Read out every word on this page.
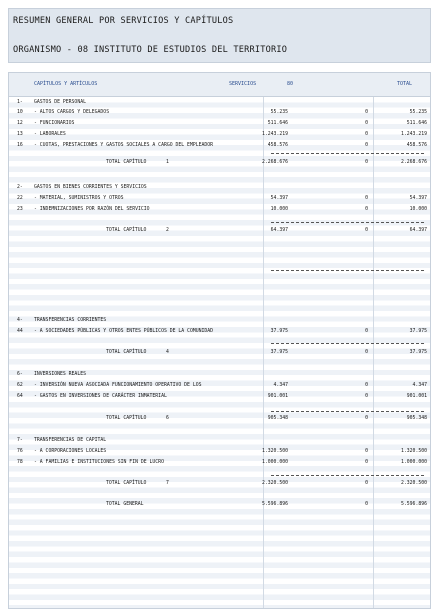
RESUMEN GENERAL POR SERVICIOS Y CAPÍTULOS
ORGANISMO - 08 INSTITUTO DE ESTUDIOS DEL TERRITORIO
CAPÍTULOS Y ARTÍCULOS	SERVICIOS	80	TOTAL
1- GASTOS DE PERSONAL
10 - ALTOS CARGOS Y DELEGADOS	55.235	0	55.235
12 - FUNCIONARIOS	511.646	0	511.646
13 - LABORALES	1.243.219	0	1.243.219
16 - CUOTAS, PRESTACIONES Y GASTOS SOCIALES A CARGO DEL EMPLEADOR	458.576	0	458.576
TOTAL CAPÍTULO	1	2.268.676	0	2.268.676
2- GASTOS EN BIENES CORRIENTES Y SERVICIOS
22 - MATERIAL, SUMINISTROS Y OTROS	54.397	0	54.397
23 - INDEMNIZACIONES POR RAZÓN DEL SERVICIO	10.000	0	10.000
TOTAL CAPÍTULO	2	64.397	0	64.397
4- TRANSFERENCIAS CORRIENTES
44 - A SOCIEDADES PÚBLICAS Y OTROS ENTES PÚBLICOS DE LA COMUNIDAD	37.975	0	37.975
TOTAL CAPÍTULO	4	37.975	0	37.975
6- INVERSIONES REALES
62 - INVERSIÓN NUEVA ASOCIADA FUNCIONAMIENTO OPERATIVO DE LOS	4.347	0	4.347
64 - GASTOS EN INVERSIONES DE CARÁCTER INMATERIAL	901.001	0	901.001
TOTAL CAPÍTULO	6	905.348	0	905.348
7- TRANSFERENCIAS DE CAPITAL
76 - A CORPORACIONES LOCALES	1.320.500	0	1.320.500
78 - A FAMILIAS E INSTITUCIONES SIN FIN DE LUCRO	1.000.000	0	1.000.000
TOTAL CAPÍTULO	7	2.320.500	0	2.320.500
TOTAL GENERAL	5.596.896	0	5.596.896
